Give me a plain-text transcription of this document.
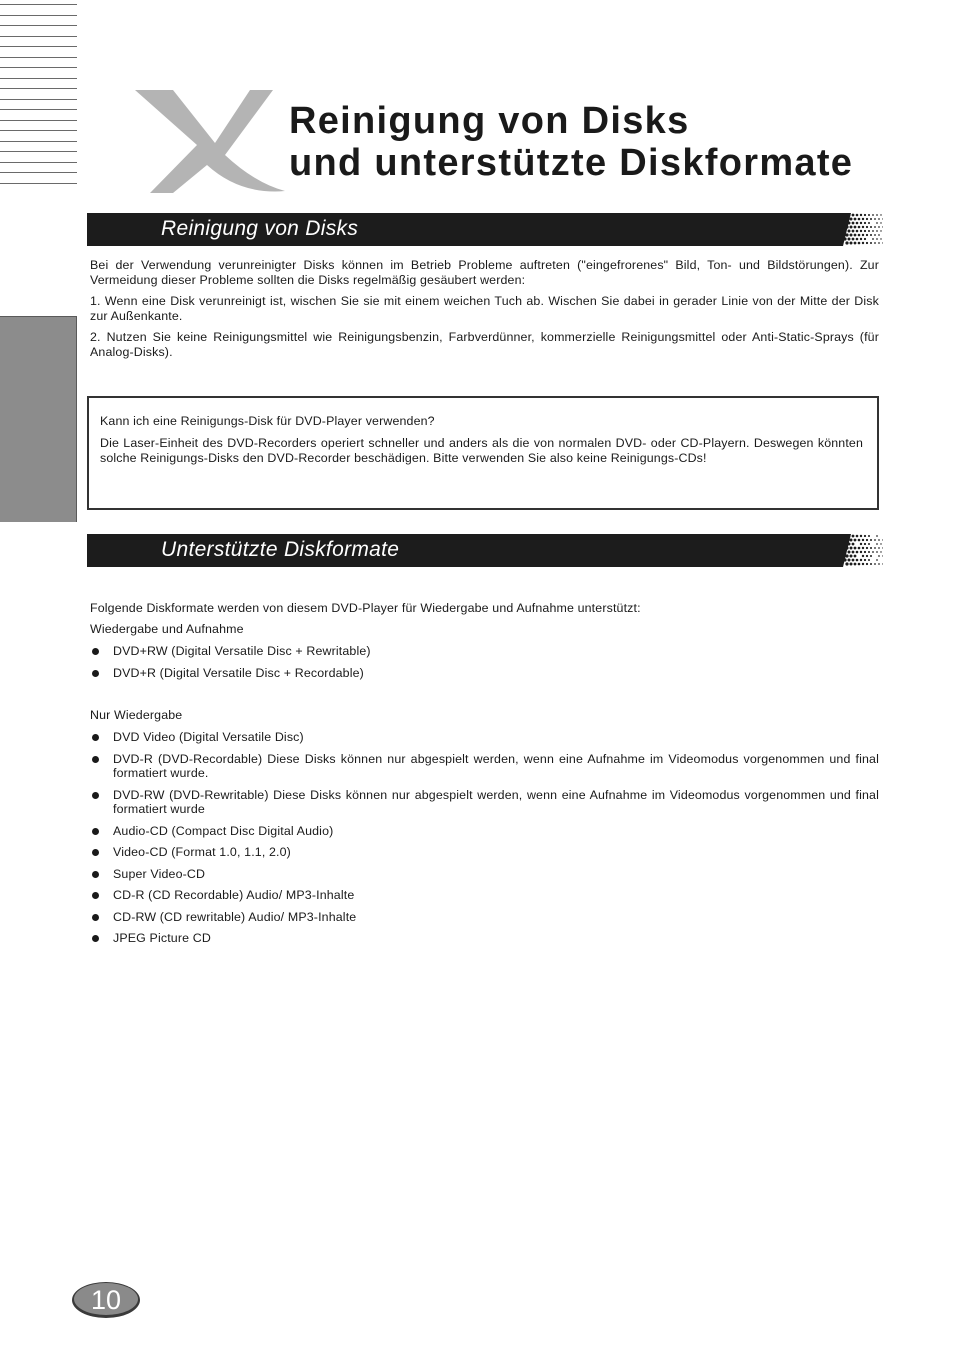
Reinigung von Disks
und unterstützte Diskformate
Reinigung von Disks

Bei der Verwendung verunreinigter Disks können im Betrieb Probleme auftreten ("eingefrorenes" Bild, Ton- und Bildstörungen). Zur Vermeidung dieser Probleme sollten die Disks regelmäßig gesäubert werden:

1. Wenn eine Disk verunreinigt ist, wischen Sie sie mit einem weichen Tuch ab. Wischen Sie dabei in gerader Linie von der Mitte der Disk zur Außenkante.

2. Nutzen Sie keine Reinigungsmittel wie Reinigungsbenzin, Farbverdünner, kommerzielle Reinigungsmittel oder Anti-Static-Sprays (für Analog-Disks).

Kann ich eine Reinigungs-Disk für DVD-Player verwenden?

Die Laser-Einheit des DVD-Recorders operiert schneller und anders als die von normalen DVD- oder CD-Playern. Deswegen könnten solche Reinigungs-Disks den DVD-Recorder beschädigen. Bitte verwenden Sie also keine Reinigungs-CDs!

Unterstützte Diskformate

Folgende Diskformate werden von diesem DVD-Player für Wiedergabe und Aufnahme unterstützt:

Wiedergabe und Aufnahme

DVD+RW (Digital Versatile Disc + Rewritable)
DVD+R (Digital Versatile Disc + Recordable)

Nur Wiedergabe

DVD Video (Digital Versatile Disc)
DVD-R (DVD-Recordable) Diese Disks können nur abgespielt werden, wenn eine Aufnahme im Videomodus vorgenommen und final formatiert wurde.
DVD-RW (DVD-Rewritable) Diese Disks können nur abgespielt werden, wenn eine Aufnahme im Videomodus vorgenommen und final formatiert wurde
Audio-CD (Compact Disc Digital Audio)
Video-CD (Format 1.0, 1.1, 2.0)
Super Video-CD
CD-R (CD Recordable) Audio/ MP3-Inhalte
CD-RW (CD rewritable) Audio/ MP3-Inhalte
JPEG Picture CD
10
